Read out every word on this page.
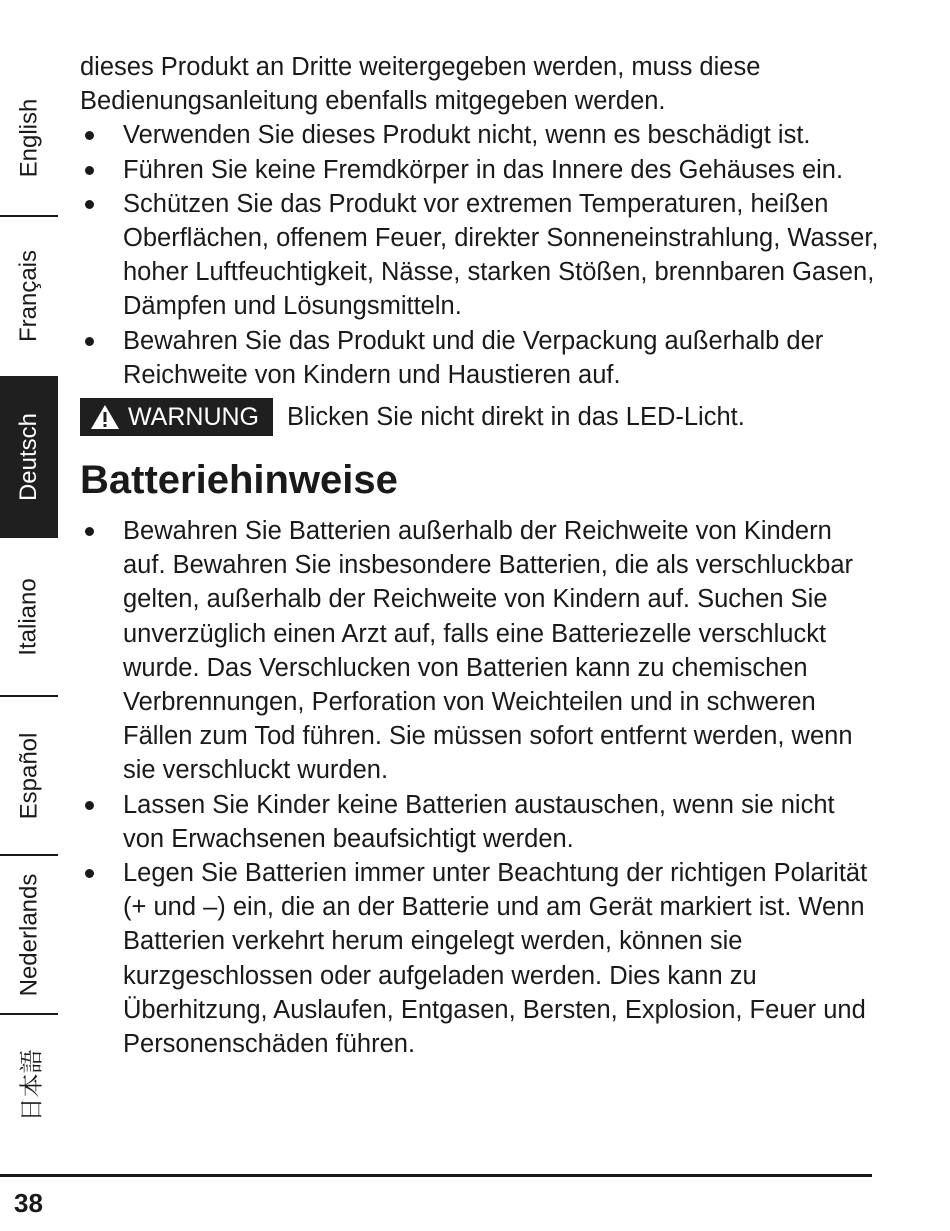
English
Français
Deutsch
Italiano
Español
Nederlands
日本語

dieses Produkt an Dritte weitergegeben werden, muss diese

Bedienungsanleitung ebenfalls mitgegeben werden.

Verwenden Sie dieses Produkt nicht, wenn es beschädigt ist.
Führen Sie keine Fremdkörper in das Innere des Gehäuses ein.
Schützen Sie das Produkt vor extremen Temperaturen, heißen Oberflächen, offenem Feuer, direkter Sonneneinstrahlung, Wasser, hoher Luftfeuchtigkeit, Nässe, starken Stößen, brennbaren Gasen, Dämpfen und Lösungsmitteln.
Bewahren Sie das Produkt und die Verpackung außerhalb der Reichweite von Kindern und Haustieren auf.
WARNUNG Blicken Sie nicht direkt in das LED-Licht.
Batteriehinweise
Bewahren Sie Batterien außerhalb der Reichweite von Kindern auf. Bewahren Sie insbesondere Batterien, die als verschluckbar gelten, außerhalb der Reichweite von Kindern auf. Suchen Sie unverzüglich einen Arzt auf, falls eine Batteriezelle verschluckt wurde. Das Verschlucken von Batterien kann zu chemischen Verbrennungen, Perforation von Weichteilen und in schweren Fällen zum Tod führen. Sie müssen sofort entfernt werden, wenn sie verschluckt wurden.
Lassen Sie Kinder keine Batterien austauschen, wenn sie nicht von Erwachsenen beaufsichtigt werden.
Legen Sie Batterien immer unter Beachtung der richtigen Polarität (+ und –) ein, die an der Batterie und am Gerät markiert ist. Wenn Batterien verkehrt herum eingelegt werden, können sie kurzgeschlossen oder aufgeladen werden. Dies kann zu Überhitzung, Auslaufen, Entgasen, Bersten, Explosion, Feuer und Personenschäden führen.
38
